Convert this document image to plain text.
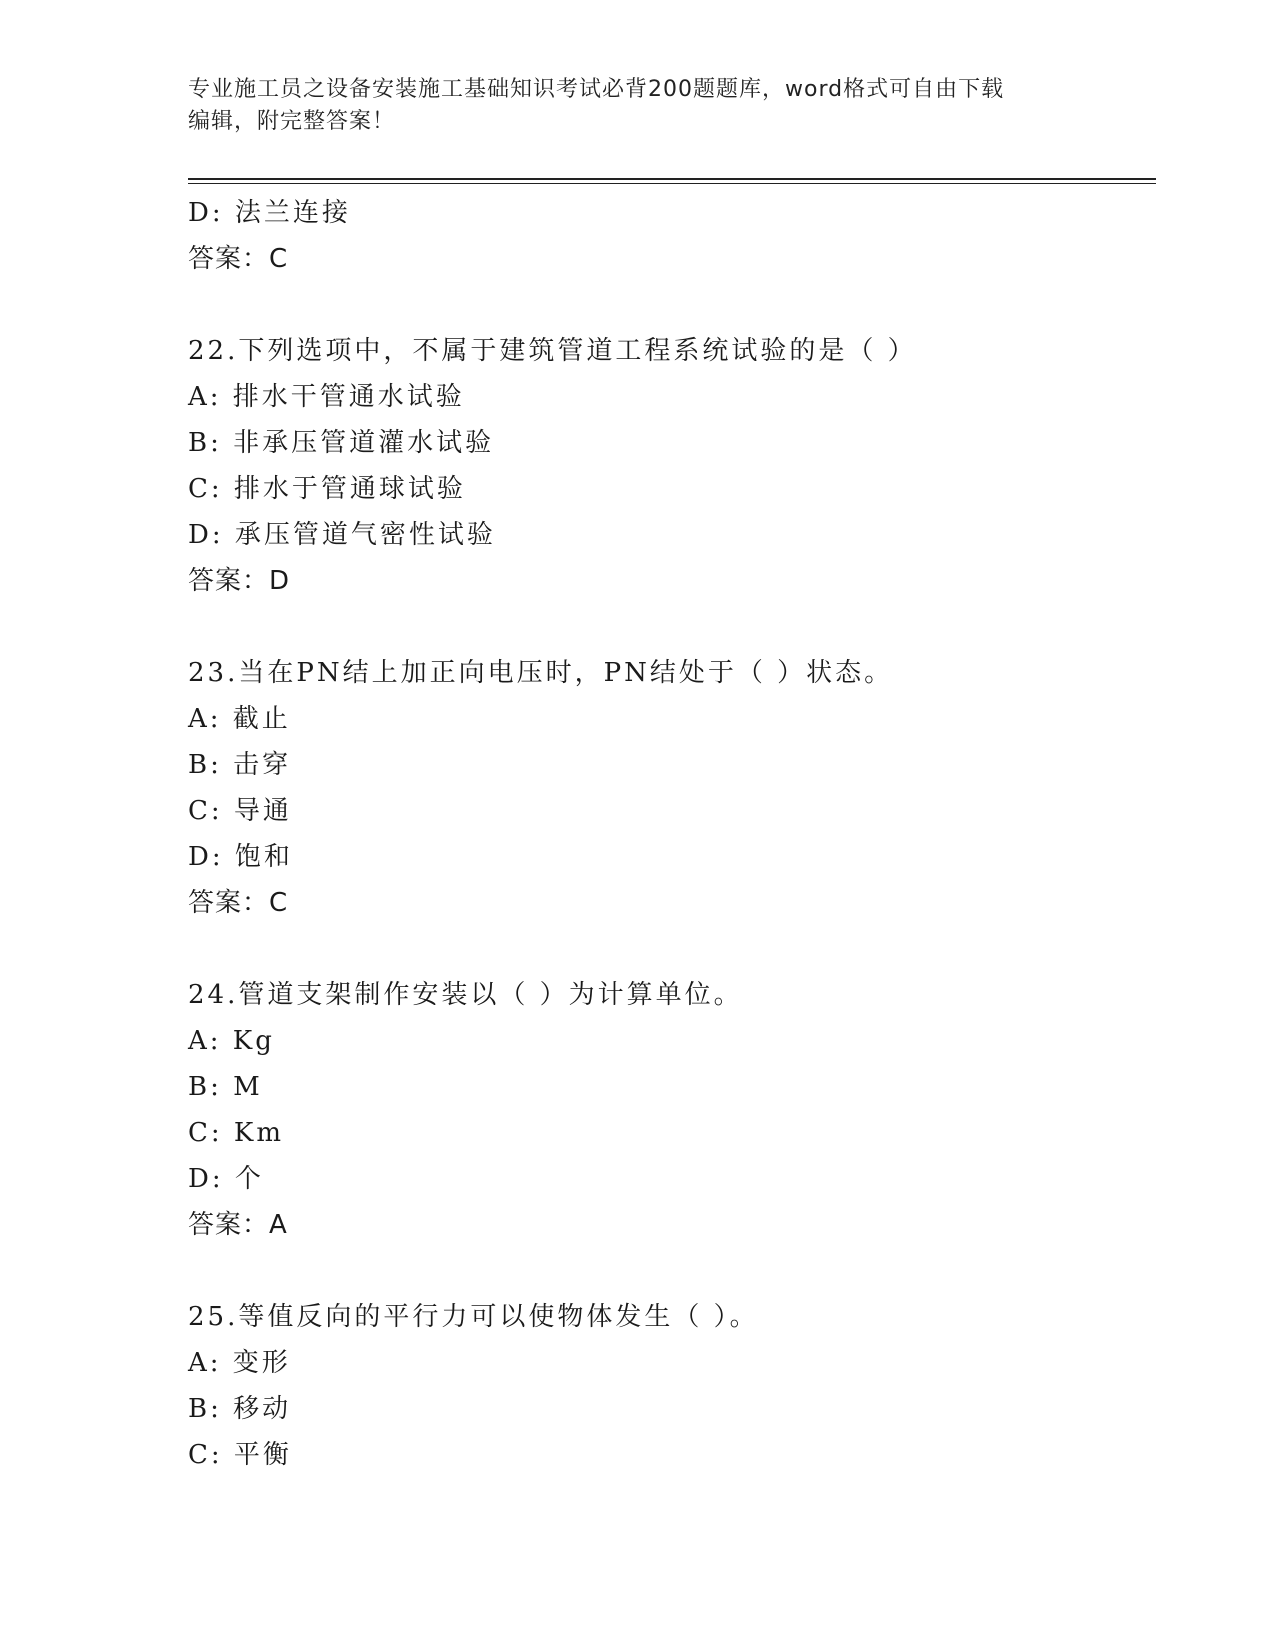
专业施工员之设备安装施工基础知识考试必背200题题库，word格式可自由下载
编辑，附完整答案！
D: 法兰连接
答案：C
22.下列选项中，不属于建筑管道工程系统试验的是（ ）
A: 排水干管通水试验
B: 非承压管道灌水试验
C: 排水于管通球试验
D: 承压管道气密性试验
答案：D
23.当在PN结上加正向电压时，PN结处于（ ）状态。
A: 截止
B: 击穿
C: 导通
D: 饱和
答案：C
24.管道支架制作安装以（ ）为计算单位。
A: Kg
B: M
C: Km
D: 个
答案：A
25.等值反向的平行力可以使物体发生（ ）。
A: 变形
B: 移动
C: 平衡
